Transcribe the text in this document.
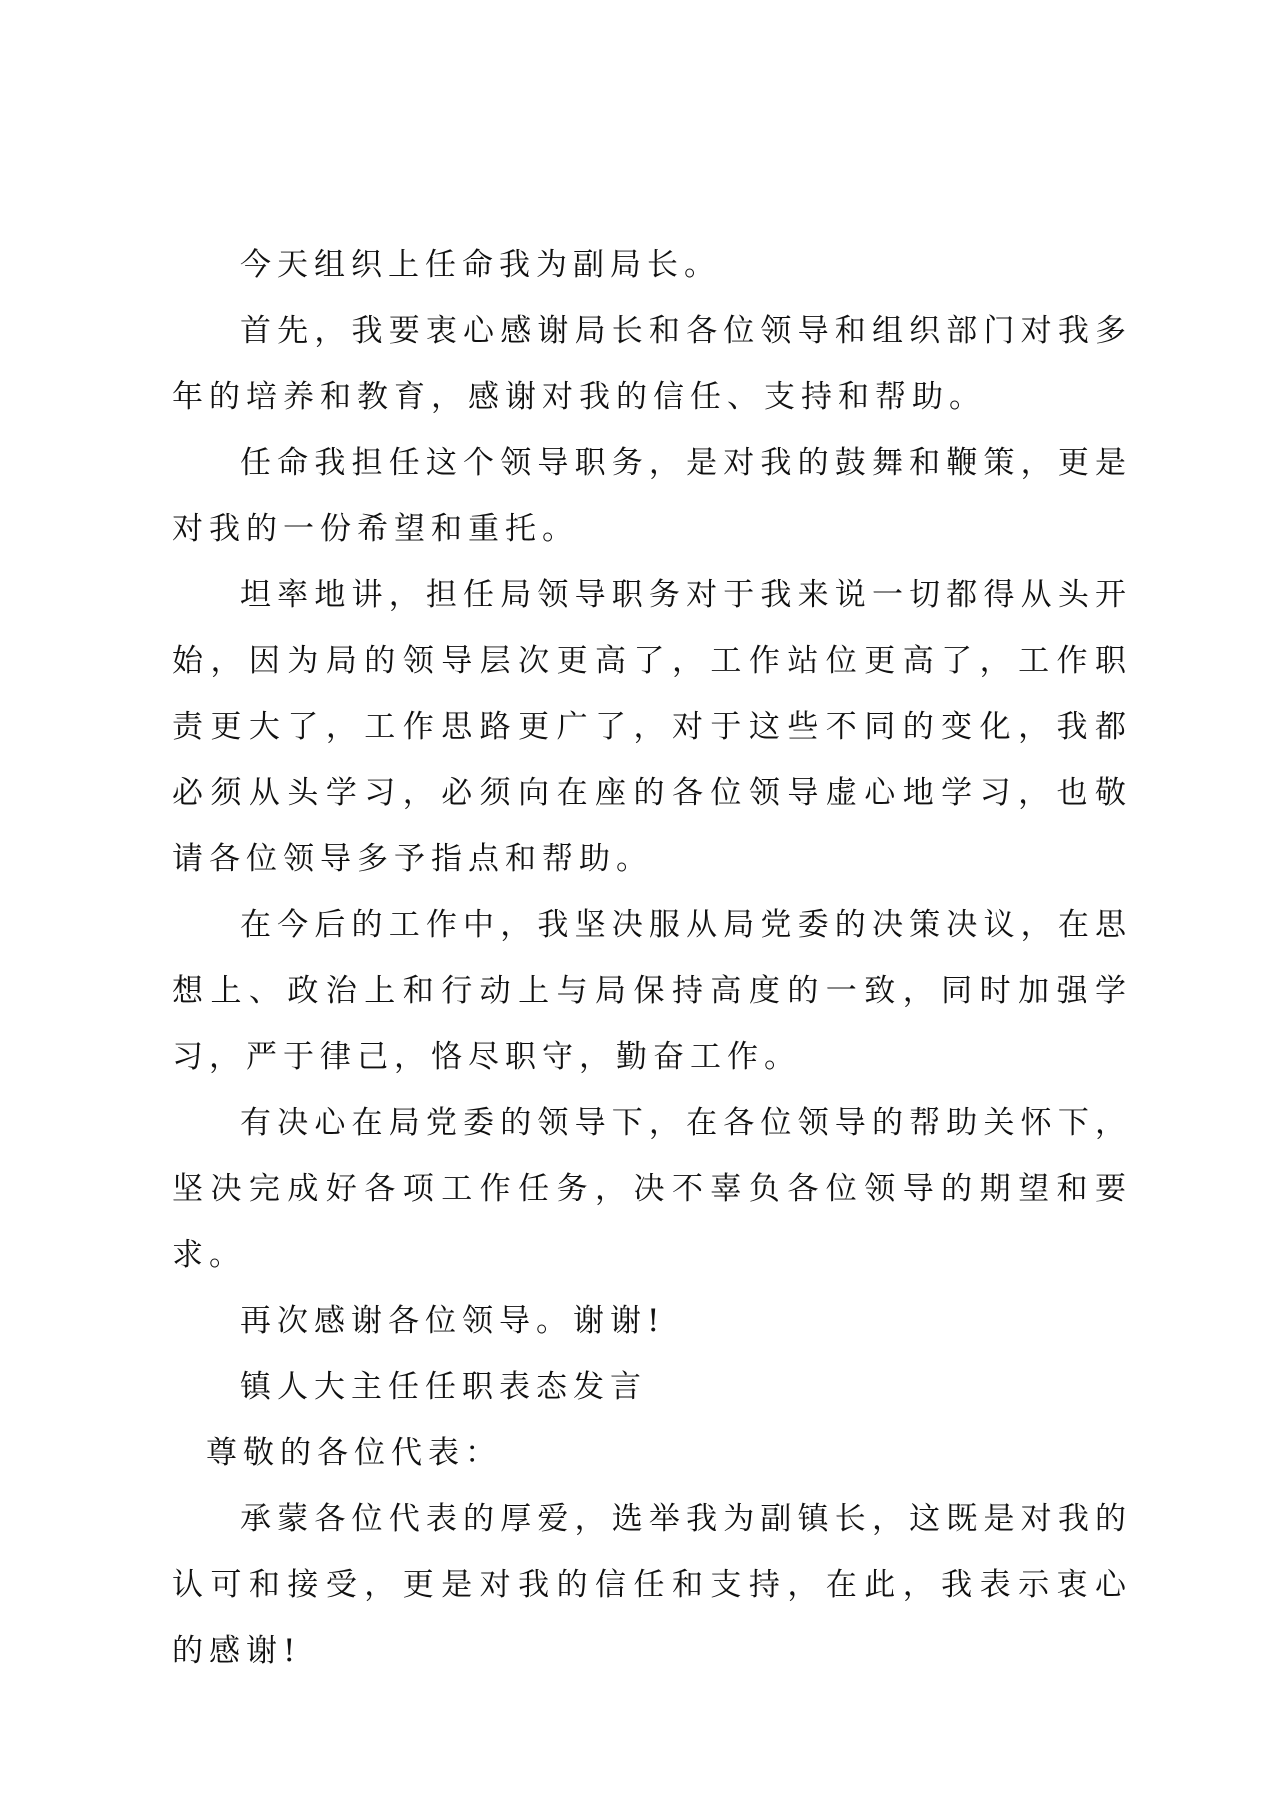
今天组织上任命我为副局长。

首先，我要衷心感谢局长和各位领导和组织部门对我多年的培养和教育，感谢对我的信任、支持和帮助。

任命我担任这个领导职务，是对我的鼓舞和鞭策，更是对我的一份希望和重托。

坦率地讲，担任局领导职务对于我来说一切都得从头开始，因为局的领导层次更高了，工作站位更高了，工作职责更大了，工作思路更广了，对于这些不同的变化，我都必须从头学习，必须向在座的各位领导虚心地学习，也敬请各位领导多予指点和帮助。

在今后的工作中，我坚决服从局党委的决策决议，在思想上、政治上和行动上与局保持高度的一致，同时加强学习，严于律己，恪尽职守，勤奋工作。

有决心在局党委的领导下，在各位领导的帮助关怀下，坚决完成好各项工作任务，决不辜负各位领导的期望和要求。

再次感谢各位领导。谢谢!

镇人大主任任职表态发言

尊敬的各位代表：

承蒙各位代表的厚爱，选举我为副镇长，这既是对我的认可和接受，更是对我的信任和支持，在此，我表示衷心的感谢!
